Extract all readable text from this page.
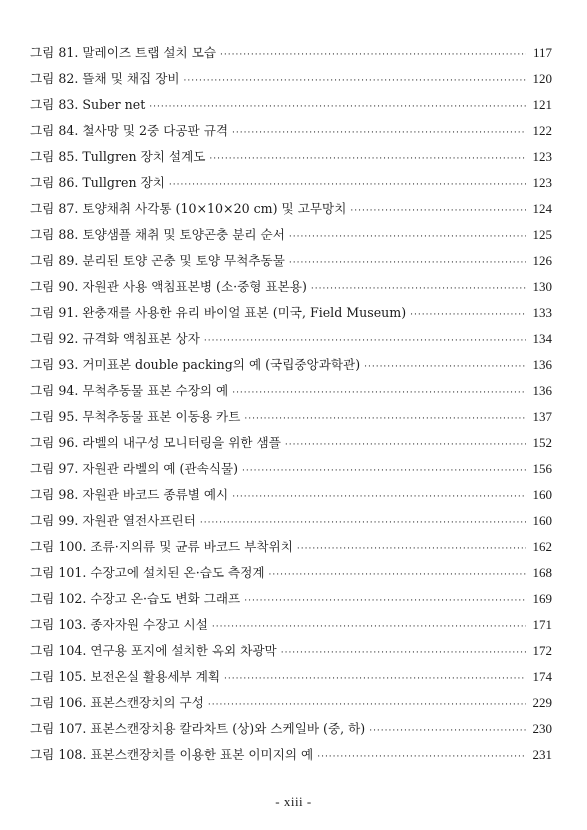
그림 81. 말레이즈 트랩 설치 모습 ·····	117
그림 82. 뜰채 및 채집 장비 ·····	120
그림 83. Suber net ·····	121
그림 84. 철사망 및 2중 다공판 규격 ·····	122
그림 85. Tullgren 장치 설계도 ·····	123
그림 86. Tullgren 장치 ·····	123
그림 87. 토양채취 사각통 (10×10×20 cm) 및 고무망치 ·····	124
그림 88. 토양샘플 채취 및 토양곤충 분리 순서 ·····	125
그림 89. 분리된 토양 곤충 및 토양 무척추동물 ·····	126
그림 90. 자원관 사용 액침표본병 (소·중형 표본용) ·····	130
그림 91. 완충재를 사용한 유리 바이얼 표본 (미국, Field Museum) ·····	133
그림 92. 규격화 액침표본 상자 ·····	134
그림 93. 거미표본 double packing의 예 (국립중앙과학관) ·····	136
그림 94. 무척추동물 표본 수장의 예 ·····	136
그림 95. 무척추동물 표본 이동용 카트 ·····	137
그림 96. 라벨의 내구성 모니터링을 위한 샘플 ·····	152
그림 97. 자원관 라벨의 예 (관속식물) ·····	156
그림 98. 자원관 바코드 종류별 예시 ·····	160
그림 99. 자원관 열전사프린터 ·····	160
그림 100. 조류·지의류 및 균류 바코드 부착위치 ·····	162
그림 101. 수장고에 설치된 온·습도 측정계 ·····	168
그림 102. 수장고 온·습도 변화 그래프 ·····	169
그림 103. 종자자원 수장고 시설 ·····	171
그림 104. 연구용 포지에 설치한 옥외 차광막 ·····	172
그림 105. 보전온실 활용세부 계획 ·····	174
그림 106. 표본스캔장치의 구성 ·····	229
그림 107. 표본스캔장치용 칼라차트 (상)와 스케일바 (중, 하) ·····	230
그림 108. 표본스캔장치를 이용한 표본 이미지의 예 ·····	231
- xiii -
